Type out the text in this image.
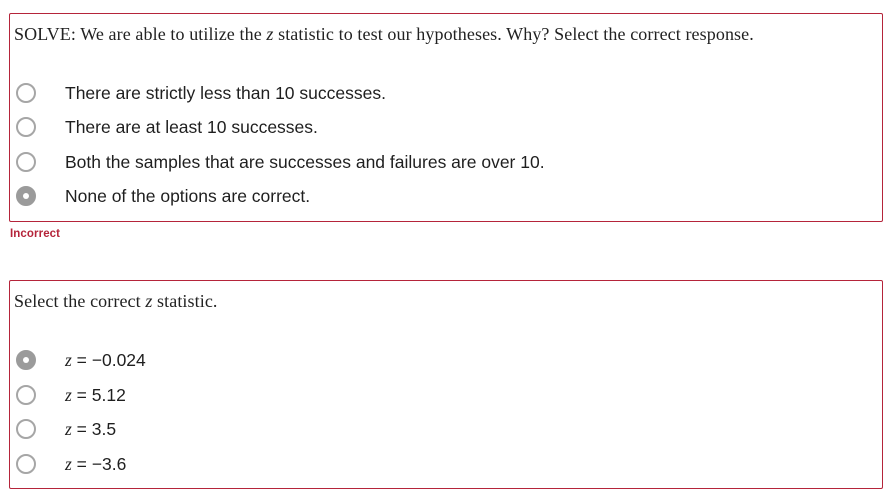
SOLVE: We are able to utilize the z statistic to test our hypotheses. Why? Select the correct response.
There are strictly less than 10 successes.
There are at least 10 successes.
Both the samples that are successes and failures are over 10.
None of the options are correct.
Incorrect
Select the correct z statistic.
z = −0.024
z = 5.12
z = 3.5
z = −3.6
